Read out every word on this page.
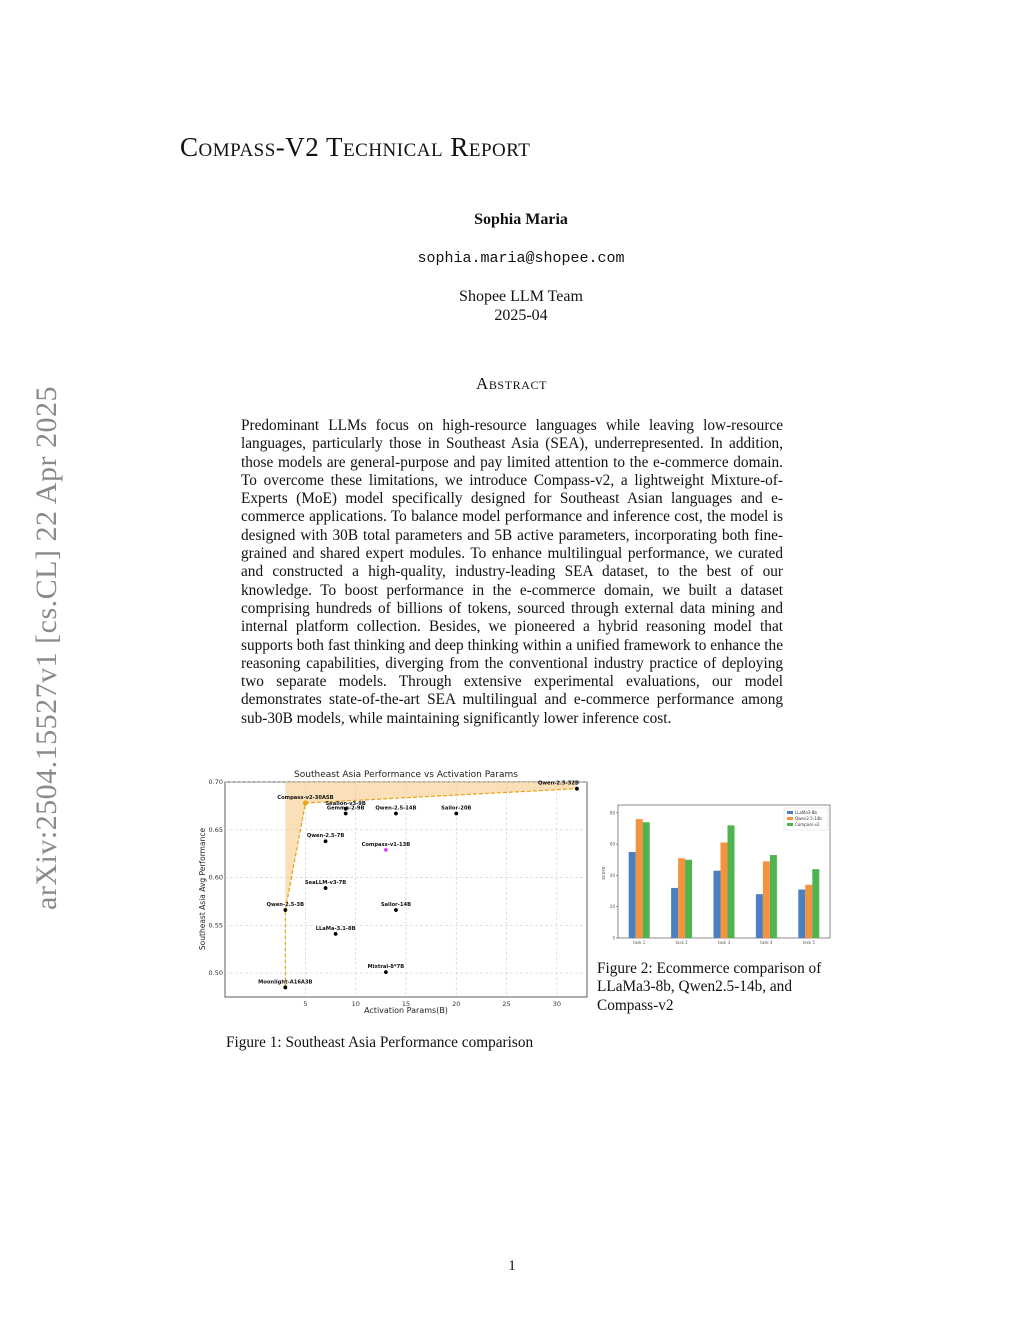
arXiv:2504.15527v1 [cs.CL] 22 Apr 2025
Compass-V2 Technical Report
Sophia Maria
sophia.maria@shopee.com
Shopee LLM Team
2025-04
Abstract

Predominant LLMs focus on high-resource languages while leaving low-resource languages, particularly those in Southeast Asia (SEA), underrepresented. In addition, those models are general-purpose and pay limited attention to the e-commerce domain. To overcome these limitations, we introduce Compass-v2, a lightweight Mixture-of-Experts (MoE) model specifically designed for Southeast Asian languages and e-commerce applications. To balance model performance and inference cost, the model is designed with 30B total parameters and 5B active parameters, incorporating both fine-grained and shared expert modules. To enhance multilingual performance, we curated and constructed a high-quality, industry-leading SEA dataset, to the best of our knowledge. To boost performance in the e-commerce domain, we built a dataset comprising hundreds of billions of tokens, sourced through external data mining and internal platform collection. Besides, we pioneered a hybrid reasoning model that supports both fast thinking and deep thinking within a unified framework to enhance the reasoning capabilities, diverging from the conventional industry practice of deploying two separate models. Through extensive experimental evaluations, our model demonstrates state-of-the-art SEA multilingual and e-commerce performance among sub-30B models, while maintaining significantly lower inference cost.

Southeast Asia Performance vs Activation Params
5	10	15	20	25	30
0.50
0.55
0.60
0.65
0.70
Compass-v2-30A5B
Qwen-2.5-32B
Sealion-v3-9B
Gemma-2-9B Qwen-2.5-14B	Sailor-20B
Qwen-2.5-7B
Compass-v1-13B
SeaLLM-v3-7B
Qwen-2.5-3B	Sailor-14B
LLaMa-3.1-8B
Mixtral-8*7B
Moonlight-A16A3B
Activation Params(B)
Southeast Asia Avg Performance	0
20
40
60
80
task 1	task 2	task 3	task 4	task 5
LLaMa3-8b
Qwen2.5-14b
Compass-v2
score
Figure 1: Southeast Asia Performance comparison
Figure 2: Ecommerce comparison of LLaMa3-8b, Qwen2.5-14b, and Compass-v2
1
